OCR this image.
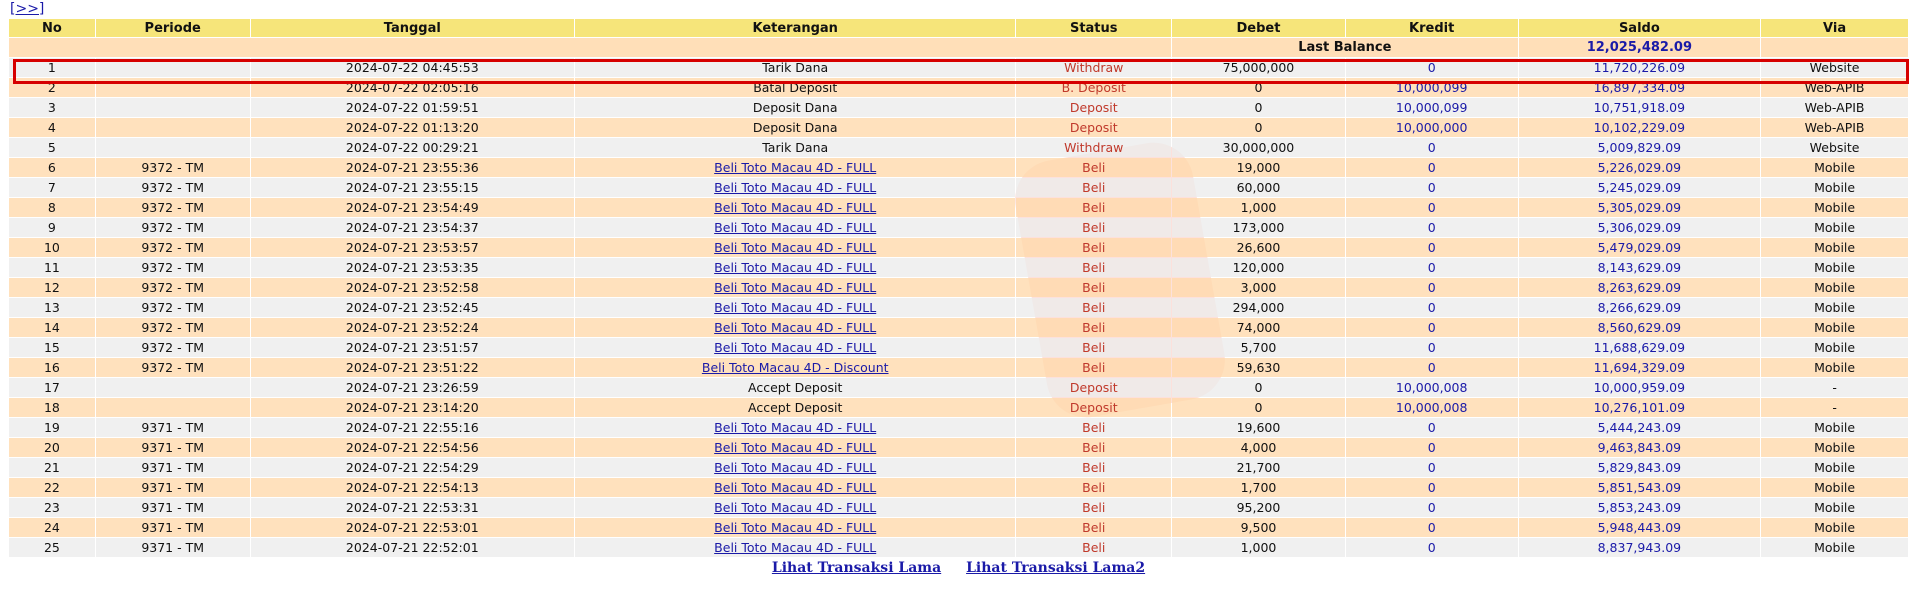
[>>]
No	Periode	Tanggal	Keterangan	Status	Debet	Kredit	Saldo	Via
					Last Balance		12,025,482.09	
1		2024-07-22 04:45:53	Tarik Dana	Withdraw	75,000,000	0	11,720,226.09	Website
2		2024-07-22 02:05:16	Batal Deposit	B. Deposit	0	10,000,099	16,897,334.09	Web-APIB
3		2024-07-22 01:59:51	Deposit Dana	Deposit	0	10,000,099	10,751,918.09	Web-APIB
4		2024-07-22 01:13:20	Deposit Dana	Deposit	0	10,000,000	10,102,229.09	Web-APIB
5		2024-07-22 00:29:21	Tarik Dana	Withdraw	30,000,000	0	5,009,829.09	Website
6	9372 - TM	2024-07-21 23:55:36	Beli Toto Macau 4D - FULL	Beli	19,000	0	5,226,029.09	Mobile
7	9372 - TM	2024-07-21 23:55:15	Beli Toto Macau 4D - FULL	Beli	60,000	0	5,245,029.09	Mobile
8	9372 - TM	2024-07-21 23:54:49	Beli Toto Macau 4D - FULL	Beli	1,000	0	5,305,029.09	Mobile
9	9372 - TM	2024-07-21 23:54:37	Beli Toto Macau 4D - FULL	Beli	173,000	0	5,306,029.09	Mobile
10	9372 - TM	2024-07-21 23:53:57	Beli Toto Macau 4D - FULL	Beli	26,600	0	5,479,029.09	Mobile
11	9372 - TM	2024-07-21 23:53:35	Beli Toto Macau 4D - FULL	Beli	120,000	0	8,143,629.09	Mobile
12	9372 - TM	2024-07-21 23:52:58	Beli Toto Macau 4D - FULL	Beli	3,000	0	8,263,629.09	Mobile
13	9372 - TM	2024-07-21 23:52:45	Beli Toto Macau 4D - FULL	Beli	294,000	0	8,266,629.09	Mobile
14	9372 - TM	2024-07-21 23:52:24	Beli Toto Macau 4D - FULL	Beli	74,000	0	8,560,629.09	Mobile
15	9372 - TM	2024-07-21 23:51:57	Beli Toto Macau 4D - FULL	Beli	5,700	0	11,688,629.09	Mobile
16	9372 - TM	2024-07-21 23:51:22	Beli Toto Macau 4D - Discount	Beli	59,630	0	11,694,329.09	Mobile
17		2024-07-21 23:26:59	Accept Deposit	Deposit	0	10,000,008	10,000,959.09	-
18		2024-07-21 23:14:20	Accept Deposit	Deposit	0	10,000,008	10,276,101.09	-
19	9371 - TM	2024-07-21 22:55:16	Beli Toto Macau 4D - FULL	Beli	19,600	0	5,444,243.09	Mobile
20	9371 - TM	2024-07-21 22:54:56	Beli Toto Macau 4D - FULL	Beli	4,000	0	9,463,843.09	Mobile
21	9371 - TM	2024-07-21 22:54:29	Beli Toto Macau 4D - FULL	Beli	21,700	0	5,829,843.09	Mobile
22	9371 - TM	2024-07-21 22:54:13	Beli Toto Macau 4D - FULL	Beli	1,700	0	5,851,543.09	Mobile
23	9371 - TM	2024-07-21 22:53:31	Beli Toto Macau 4D - FULL	Beli	95,200	0	5,853,243.09	Mobile
24	9371 - TM	2024-07-21 22:53:01	Beli Toto Macau 4D - FULL	Beli	9,500	0	5,948,443.09	Mobile
25	9371 - TM	2024-07-21 22:52:01	Beli Toto Macau 4D - FULL	Beli	1,000	0	8,837,943.09	Mobile
Lihat Transaksi Lama Lihat Transaksi Lama2
